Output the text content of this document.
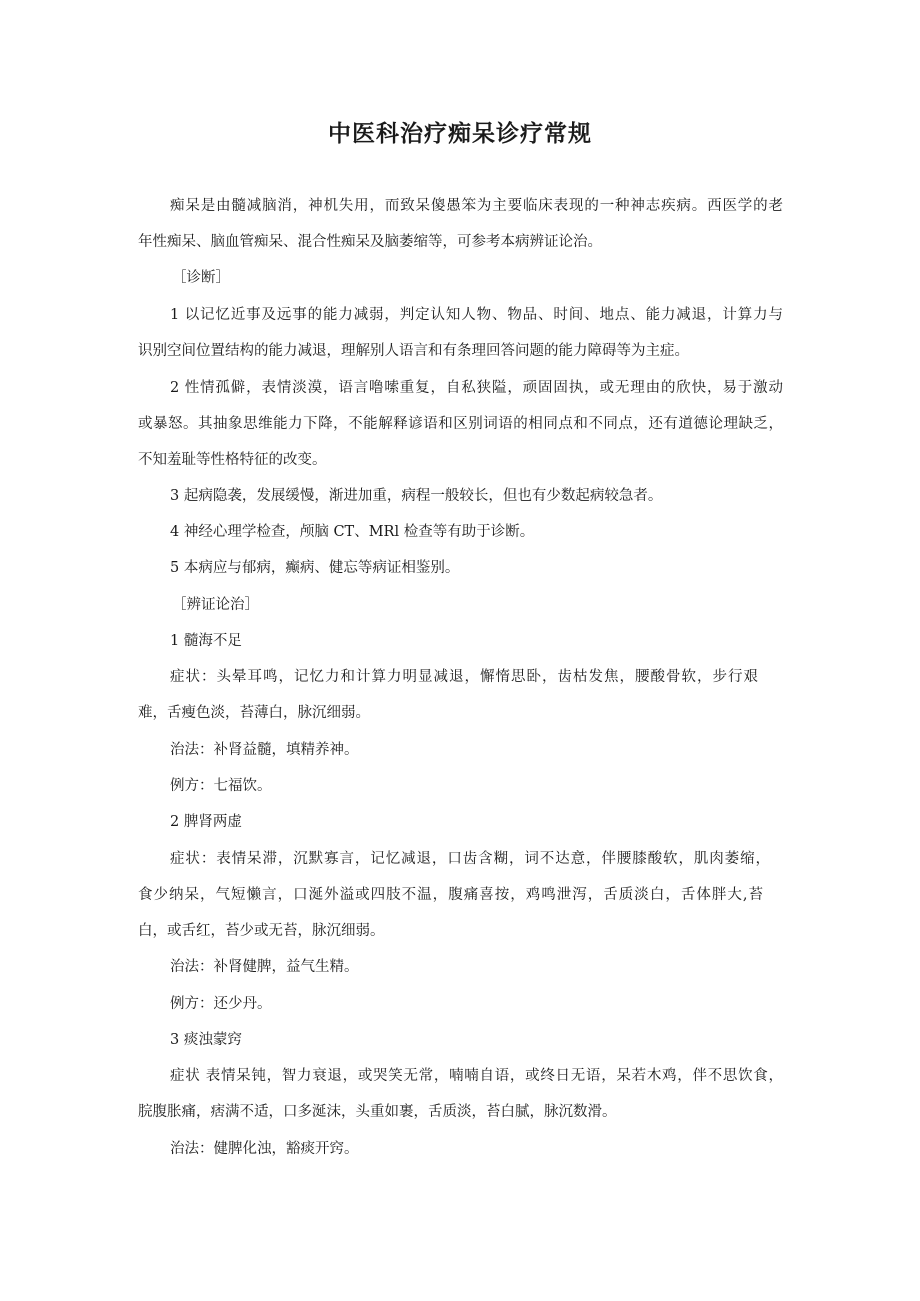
中医科治疗痴呆诊疗常规
痴呆是由髓减脑消，神机失用，而致呆傻愚笨为主要临床表现的一种神志疾病。西医学的老
年性痴呆、脑血管痴呆、混合性痴呆及脑萎缩等，可参考本病辨证论治。
［诊断］
1 以记忆近事及远事的能力减弱，判定认知人物、物品、时间、地点、能力减退，计算力与
识别空间位置结构的能力减退，理解别人语言和有条理回答问题的能力障碍等为主症。
2 性情孤僻，表情淡漠，语言噜嗦重复，自私狭隘，顽固固执，或无理由的欣快，易于激动
或暴怒。其抽象思维能力下降，不能解释谚语和区别词语的相同点和不同点，还有道德论理缺乏，
不知羞耻等性格特征的改变。
3 起病隐袭，发展缓慢，渐进加重，病程一般较长，但也有少数起病较急者。
4 神经心理学检查，颅脑 CT、MRl 检查等有助于诊断。
5 本病应与郁病，癫病、健忘等病证相鉴别。
［辨证论治］
1 髓海不足
症状：头晕耳鸣，记忆力和计算力明显减退，懈惰思卧，齿枯发焦，腰酸骨软，步行艰
难，舌瘦色淡，苔薄白，脉沉细弱。
治法：补肾益髓，填精养神。
例方：七福饮。
2 脾肾两虚
症状：表情呆滞，沉默寡言，记忆减退，口齿含糊，词不达意，伴腰膝酸软，肌肉萎缩，
食少纳呆，气短懒言，口涎外溢或四肢不温，腹痛喜按，鸡鸣泄泻，舌质淡白，舌体胖大,苔
白，或舌红，苔少或无苔，脉沉细弱。
治法：补肾健脾，益气生精。
例方：还少丹。
3 痰浊蒙窍
症状 表情呆钝，智力衰退，或哭笑无常，喃喃自语，或终日无语，呆若木鸡，伴不思饮食，
脘腹胀痛，痞满不适，口多涎沫，头重如裹，舌质淡，苔白腻，脉沉数滑。
治法：健脾化浊，豁痰开窍。
